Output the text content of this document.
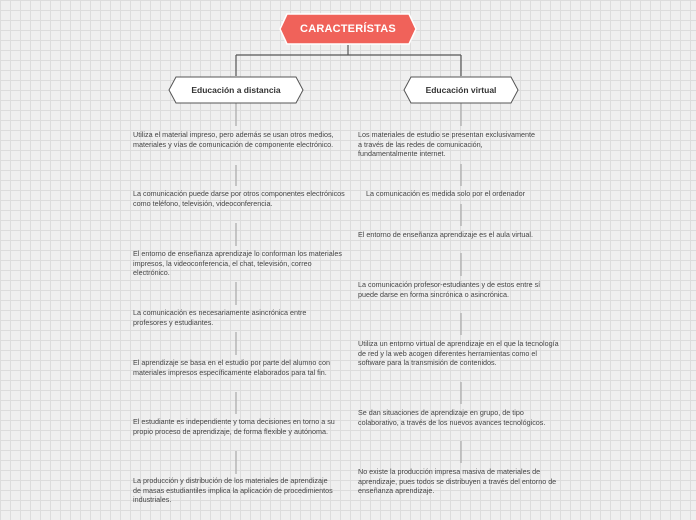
CARACTERÍSTAS
Educación a distancia	Educación virtual

Utiliza el material impreso, pero además se usan otros medios, materiales y vías de comunicación de componente electrónico.

La comunicación puede darse por otros componentes electrónicos como teléfono, televisión, videoconferencia.

El entorno de enseñanza aprendizaje lo conforman los materiales impresos, la videoconferencia, el chat, televisión, correo electrónico.

La comunicación es necesariamente asincrónica entre profesores y estudiantes.

El aprendizaje se basa en el estudio por parte del alumno con materiales impresos específicamente elaborados para tal fin.

El estudiante es independiente y toma decisiones en torno a su propio proceso de aprendizaje, de forma flexible y autónoma.

La producción y distribución de los materiales de aprendizaje de masas estudiantiles implica la aplicación de procedimientos industriales.

Los materiales de estudio se presentan exclusivamente a través de las redes de comunicación, fundamentalmente internet.

La comunicación es medida solo por el ordenador

El entorno de enseñanza aprendizaje es el aula virtual.

La comunicación profesor-estudiantes y de estos entre sí puede darse en forma sincrónica o asincrónica.

Utiliza un entorno virtual de aprendizaje en el que la tecnología de red y la web acogen diferentes herramientas como el software para la transmisión de contenidos.

Se dan situaciones de aprendizaje en grupo, de tipo colaborativo, a través de los nuevos avances tecnológicos.

No existe la producción impresa masiva de materiales de aprendizaje, pues todos se distribuyen a través del entorno de enseñanza aprendizaje.
